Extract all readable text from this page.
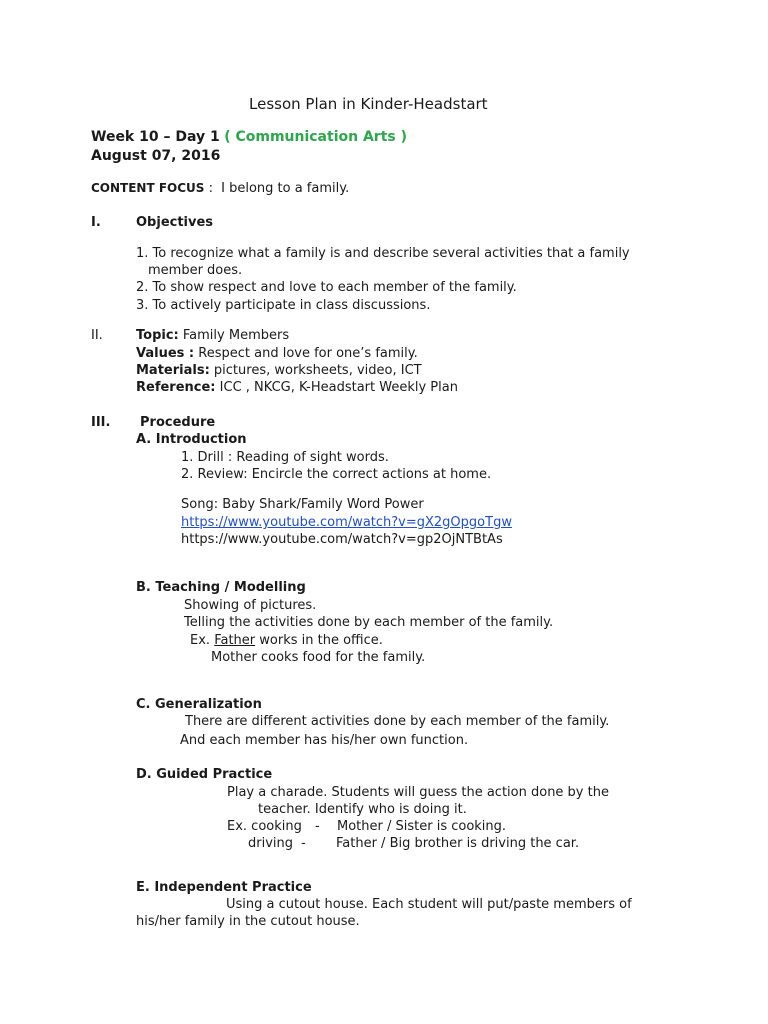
Lesson Plan in Kinder-Headstart
Week 10 – Day 1 ( Communication Arts )
August 07, 2016
CONTENT FOCUS : I belong to a family.
I.	Objectives
1. To recognize what a family is and describe several activities that a family
member does.
2. To show respect and love to each member of the family.
3. To actively participate in class discussions.
II.	Topic: Family Members
Values : Respect and love for one’s family.
Materials: pictures, worksheets, video, ICT
Reference: ICC , NKCG, K-Headstart Weekly Plan
III. Procedure
A. Introduction
1. Drill : Reading of sight words.
2. Review: Encircle the correct actions at home.
Song: Baby Shark/Family Word Power
https://www.youtube.com/watch?v=gX2gOpgoTgw
https://www.youtube.com/watch?v=gp2OjNTBtAs
B. Teaching / Modelling
Showing of pictures.
Telling the activities done by each member of the family.
Ex. Father works in the office.
Mother cooks food for the family.
C. Generalization
There are different activities done by each member of the family.
And each member has his/her own function.
D. Guided Practice
Play a charade. Students will guess the action done by the
teacher. Identify who is doing it.
Ex. cooking - Mother / Sister is cooking.
driving - Father / Big brother is driving the car.
E. Independent Practice
Using a cutout house. Each student will put/paste members of
his/her family in the cutout house.
